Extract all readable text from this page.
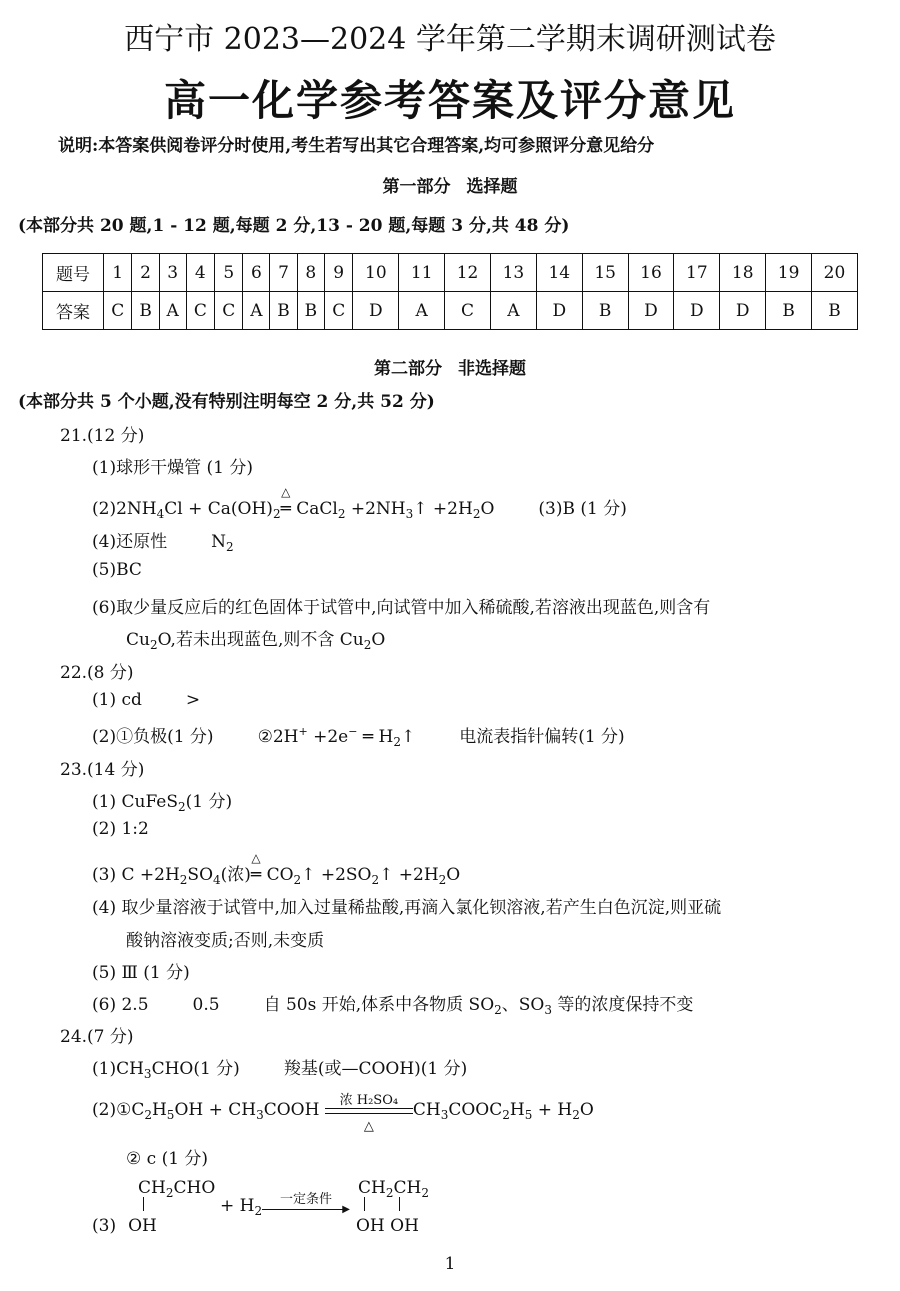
西宁市 2023—2024 学年第二学期末调研测试卷
高一化学参考答案及评分意见
说明:本答案供阅卷评分时使用,考生若写出其它合理答案,均可参照评分意见给分
第一部分 选择题
(本部分共 20 题,1 - 12 题,每题 2 分,13 - 20 题,每题 3 分,共 48 分)
题号	1	2	3	4	5	6	7	8	9	10	11	12	13	14	15	16	17	18	19	20
答案	C	B	A	C	C	A	B	B	C	D	A	C	A	D	B	D	D	D	B	B
第二部分 非选择题
(本部分共 5 个小题,没有特别注明每空 2 分,共 52 分)
21.(12 分)
(1)球形干燥管 (1 分)
$(2)2NH_4Cl + Ca(OH)_2$
△
═ CaCl$_2$ $+2NH_3↑ +2H_2O$	(3)B (1 分)
(4)还原性	$N_2$
(5)BC
(6)取少量反应后的红色固体于试管中,向试管中加入稀硫酸,若溶液出现蓝色,则含有
$Cu_2O$,若未出现蓝色,则不含 $Cu_2O$
22.(8 分)
(1) cd	>
(2)①负极(1 分)	②2H+ +2e− ═ $H_2↑$	电流表指针偏转(1 分)
23.(14 分)
(1) CuFeS$_2$(1 分)
(2) 1:2
(3) $C +2H_2SO_4$(浓)
△
═ $CO_2↑$ $+2SO_2↑ +2H_2O$
(4) 取少量溶液于试管中,加入过量稀盐酸,再滴入氯化钡溶液,若产生白色沉淀,则亚硫
酸钠溶液变质;否则,未变质
(5) Ⅲ (1 分)
(6) 2.5	0.5	自 50s 开始,体系中各物质 $SO_2$、$SO_3$ 等的浓度保持不变
24.(7 分)
$(1)CH_3CHO(1$ 分)	羧基(或—COOH)(1 分)
$(2)①C_2H_5OH$ + $CH_3COOH$	浓 H₂SO₄
△
$CH_3COOC_2H_5 + H_2O$
② c (1 分)
$CH_2CHO$
(3) OH
+ $H_2$
一定条件
▶
$CH_2CH_2$
OH OH
1
